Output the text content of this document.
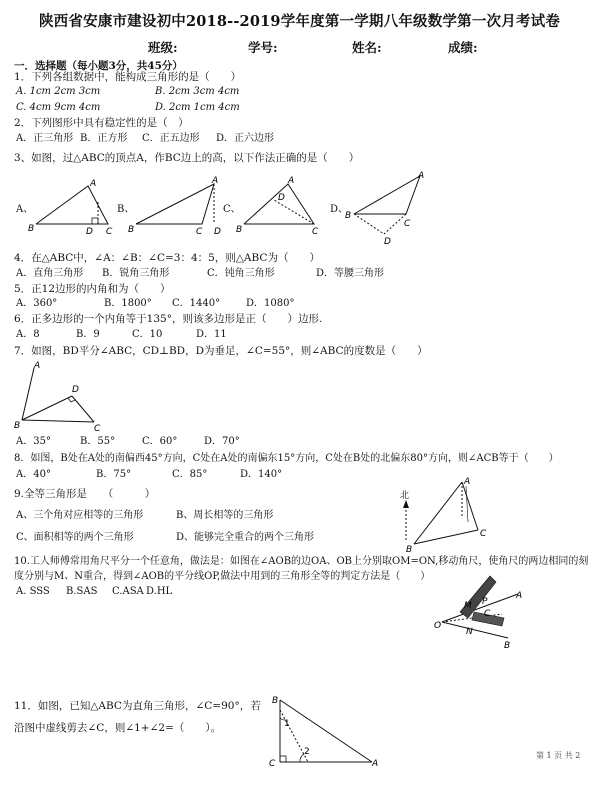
陕西省安康市建设初中2018--2019学年度第一学期八年级数学第一次月考试卷
班级:	学号:	姓名:	成绩:
一．选择题（每小题3分，共45分）
1．下列各组数据中，能构成三角形的是（　　）
A. 1cm 2cm 3cm	B. 2cm 3cm 4cm
C. 4cm 9cm 4cm	D. 2cm 1cm 4cm
2．下列图形中具有稳定性的是（　）
A．正三角形 B．正方形 C．正五边形 D．正六边形
3、如图，过△ABC的顶点A，作BC边上的高，以下作法正确的是（　　）
A、	B、	C、	D、
A
B	C
D
A
B	C D
A
B	C
D
A
B
C
D
4．在△ABC中，∠A：∠B：∠C=3：4：5，则△ABC为（　　）
A．直角三角形 B．锐角三角形	C．钝角三角形	D．等腰三角形
5．正12边形的内角和为（　　）
A．360°	B．1800° C．1440°	D．1080°
6．正多边形的一个内角等于135°，则该多边形是正（　　）边形.
A．8	B．9	C．10	D．11
7．如图，BD平分∠ABC，CD⊥BD，D为垂足，∠C=55°，则∠ABC的度数是（　　）
A
B	C
D
A．35°	B．55°	C．60°	D．70°
8．如图，B处在A处的南偏西45°方向，C处在A处的南偏东15°方向，C处在B处的北偏东80°方向，则∠ACB等于（　　）
A．40°	B．75°	C．85°	D．140°
北
A
B
C
9.全等三角形是　　（　　　）
A、三个角对应相等的三角形	B、周长相等的三角形
C、面积相等的两个三角形	D、能够完全重合的两个三角形
10.工人师傅常用角尺平分一个任意角，做法是：如图在∠AOB的边OA、OB上分别取OM=ON,移动角尺，使角尺的两边相同的刻
度分别与M、N重合，得到∠AOB的平分线OP,做法中用到的三角形全等的判定方法是（　　）
A. SSS B.SAS C.ASA D.HL	A
M P
C
O
N
B
11．如图，已知△ABC为直角三角形，∠C=90°，若
沿图中虚线剪去∠C，则∠1+∠2=（　　）。
B
1
2
C	A
第 1 页 共 2
